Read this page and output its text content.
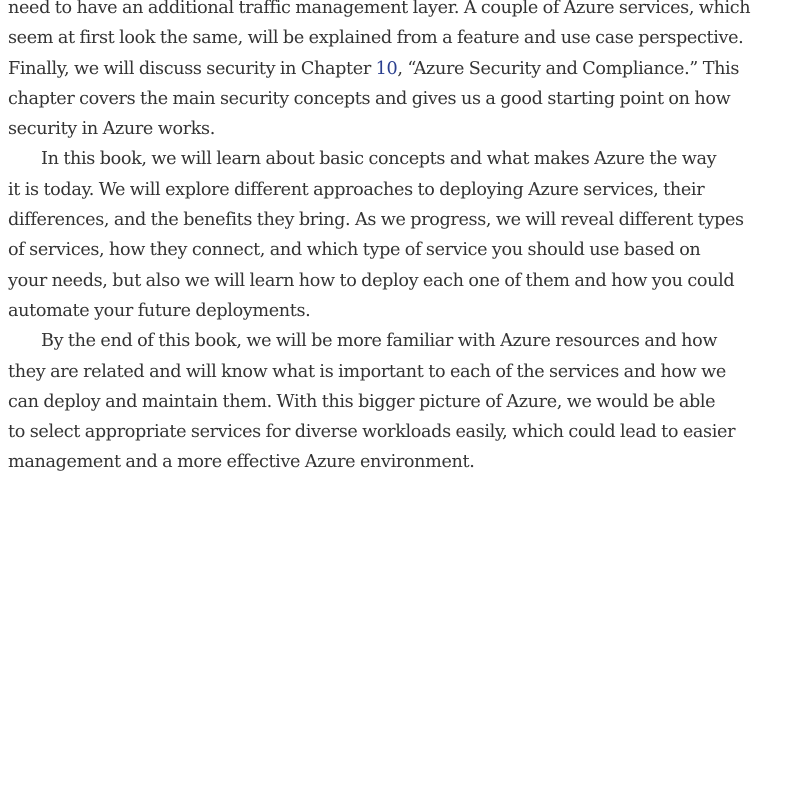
need to have an additional traffic management layer. A couple of Azure services, which
seem at first look the same, will be explained from a feature and use case perspective.
Finally, we will discuss security in Chapter 10, “Azure Security and Compliance.” This
chapter covers the main security concepts and gives us a good starting point on how
security in Azure works.
In this book, we will learn about basic concepts and what makes Azure the way
it is today. We will explore different approaches to deploying Azure services, their
differences, and the benefits they bring. As we progress, we will reveal different types
of services, how they connect, and which type of service you should use based on
your needs, but also we will learn how to deploy each one of them and how you could
automate your future deployments.
By the end of this book, we will be more familiar with Azure resources and how
they are related and will know what is important to each of the services and how we
can deploy and maintain them. With this bigger picture of Azure, we would be able
to select appropriate services for diverse workloads easily, which could lead to easier
management and a more effective Azure environment.
